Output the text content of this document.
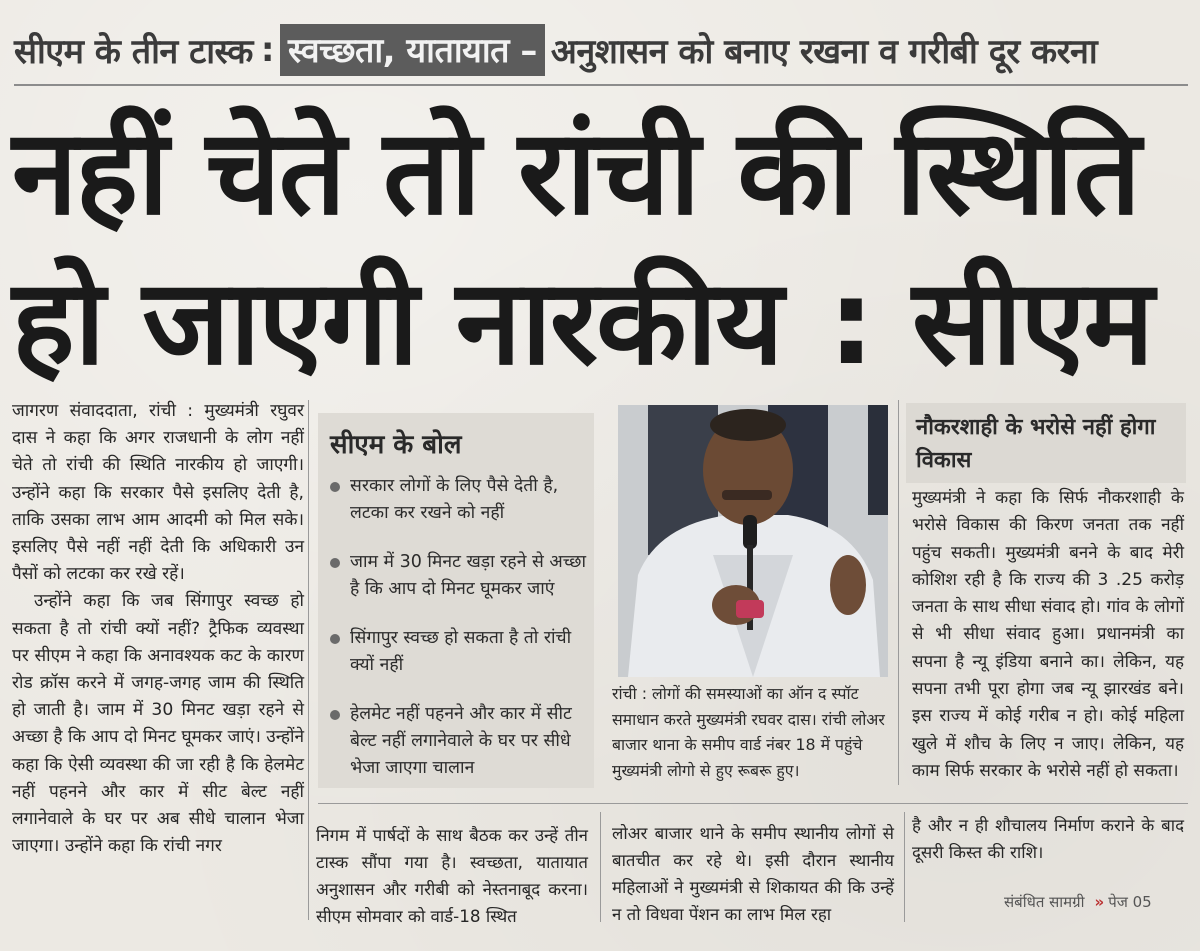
सीएम के तीन टास्क : स्वच्छता, यातायात – अनुशासन को बनाए रखना व गरीबी दूर करना
नहीं चेते तो रांची की स्थिति
हो जाएगी नारकीय : सीएम

जागरण संवाददाता, रांची : मुख्यमंत्री रघुवर दास ने कहा कि अगर राजधानी के लोग नहीं चेते तो रांची की स्थिति नारकीय हो जाएगी। उन्होंने कहा कि सरकार पैसे इसलिए देती है, ताकि उसका लाभ आम आदमी को मिल सके। इसलिए पैसे नहीं नहीं देती कि अधिकारी उन पैसों को लटका कर रखे रहें।

उन्होंने कहा कि जब सिंगापुर स्वच्छ हो सकता है तो रांची क्यों नहीं? ट्रैफिक व्यवस्था पर सीएम ने कहा कि अनावश्यक कट के कारण रोड क्रॉस करने में जगह-जगह जाम की स्थिति हो जाती है। जाम में 30 मिनट खड़ा रहने से अच्छा है कि आप दो मिनट घूमकर जाएं। उन्होंने कहा कि ऐसी व्यवस्था की जा रही है कि हेलमेट नहीं पहनने और कार में सीट बेल्ट नहीं लगानेवाले के घर पर अब सीधे चालान भेजा जाएगा। उन्होंने कहा कि रांची नगर

सीएम के बोल
सरकार लोगों के लिए पैसे देती है, लटका कर रखने को नहीं
जाम में 30 मिनट खड़ा रहने से अच्छा है कि आप दो मिनट घूमकर जाएं
सिंगापुर स्वच्छ हो सकता है तो रांची क्यों नहीं
हेलमेट नहीं पहनने और कार में सीट बेल्ट नहीं लगानेवाले के घर पर सीधे भेजा जाएगा चालान
रांची : लोगों की समस्याओं का ऑन द स्पॉट समाधान करते मुख्यमंत्री रघवर दास। रांची लोअर बाजार थाना के समीप वार्ड नंबर 18 में पहुंचे मुख्यमंत्री लोगो से हुए रूबरू हुए।
नौकरशाही के भरोसे नहीं होगा विकास
मुख्यमंत्री ने कहा कि सिर्फ नौकरशाही के भरोसे विकास की किरण जनता तक नहीं पहुंच सकती। मुख्यमंत्री बनने के बाद मेरी कोशिश रही है कि राज्य की 3 .25 करोड़ जनता के साथ सीधा संवाद हो। गांव के लोगों से भी सीधा संवाद हुआ। प्रधानमंत्री का सपना है न्यू इंडिया बनाने का। लेकिन, यह सपना तभी पूरा होगा जब न्यू झारखंड बने। इस राज्य में कोई गरीब न हो। कोई महिला खुले में शौच के लिए न जाए। लेकिन, यह काम सिर्फ सरकार के भरोसे नहीं हो सकता।
निगम में पार्षदों के साथ बैठक कर उन्हें तीन टास्क सौंपा गया है। स्वच्छता, यातायात अनुशासन और गरीबी को नेस्तनाबूद करना। सीएम सोमवार को वार्ड-18 स्थित
लोअर बाजार थाने के समीप स्थानीय लोगों से बातचीत कर रहे थे। इसी दौरान स्थानीय महिलाओं ने मुख्यमंत्री से शिकायत की कि उन्हें न तो विधवा पेंशन का लाभ मिल रहा
है और न ही शौचालय निर्माण कराने के बाद दूसरी किस्त की राशि।
संबंधित सामग्री » पेज 05
